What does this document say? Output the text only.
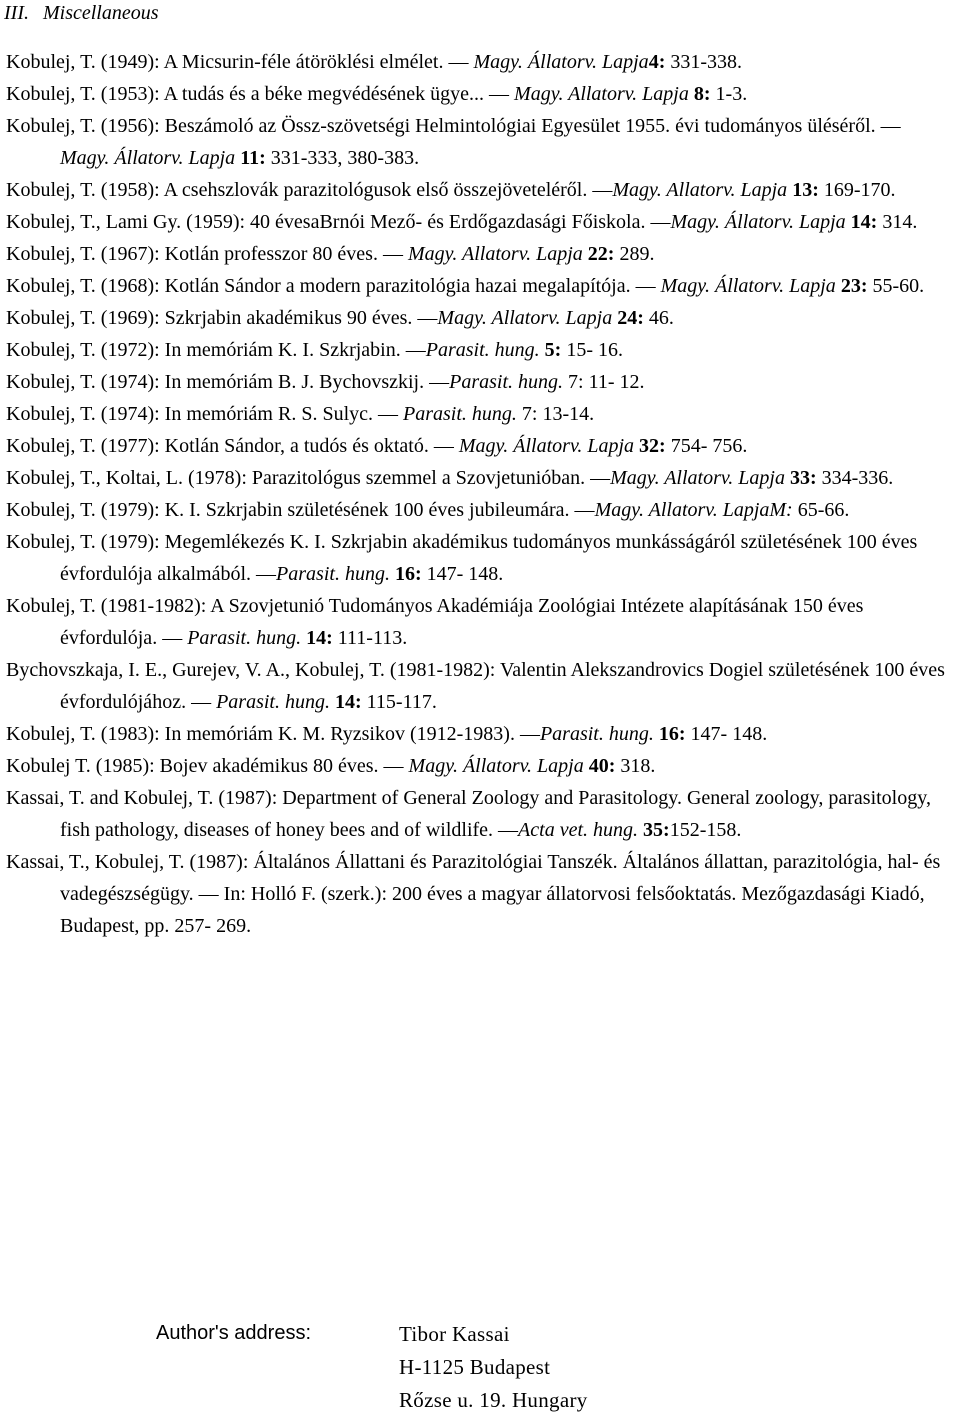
III. Miscellaneous

Kobulej, T. (1949): A Micsurin-féle átöröklési elmélet. — Magy. Állatorv. Lapja4: 331-338.

Kobulej, T. (1953): A tudás és a béke megvédésének ügye... — Magy. Allatorv. Lapja 8: 1-3.

Kobulej, T. (1956): Beszámoló az Össz-szövetségi Helmintológiai Egyesület 1955. évi tudományos üléséről. — Magy. Állatorv. Lapja 11: 331-333, 380-383.

Kobulej, T. (1958): A csehszlovák parazitológusok első összejöveteléről. —Magy. Allatorv. Lapja 13: 169-170.

Kobulej, T., Lami Gy. (1959): 40 évesaBrnói Mező- és Erdőgazdasági Főiskola. —Magy. Állatorv. Lapja 14: 314.

Kobulej, T. (1967): Kotlán professzor 80 éves. — Magy. Allatorv. Lapja 22: 289.

Kobulej, T. (1968): Kotlán Sándor a modern parazitológia hazai megalapítója. — Magy. Állatorv. Lapja 23: 55-60.

Kobulej, T. (1969): Szkrjabin akadémikus 90 éves. —Magy. Allatorv. Lapja 24: 46.

Kobulej, T. (1972): In memóriám K. I. Szkrjabin. —Parasit. hung. 5: 15- 16.

Kobulej, T. (1974): In memóriám B. J. Bychovszkij. —Parasit. hung. 7: 11- 12.

Kobulej, T. (1974): In memóriám R. S. Sulyc. — Parasit. hung. 7: 13-14.

Kobulej, T. (1977): Kotlán Sándor, a tudós és oktató. — Magy. Állatorv. Lapja 32: 754- 756.

Kobulej, T., Koltai, L. (1978): Parazitológus szemmel a Szovjetunióban. —Magy. Allatorv. Lapja 33: 334-336.

Kobulej, T. (1979): K. I. Szkrjabin születésének 100 éves jubileumára. —Magy. Allatorv. LapjaM: 65-66.

Kobulej, T. (1979): Megemlékezés K. I. Szkrjabin akadémikus tudományos munkásságáról születésének 100 éves évfordulója alkalmából. —Parasit. hung. 16: 147- 148.

Kobulej, T. (1981-1982): A Szovjetunió Tudományos Akadémiája Zoológiai Intézete alapításának 150 éves évfordulója. — Parasit. hung. 14: 111-113.

Bychovszkaja, I. E., Gurejev, V. A., Kobulej, T. (1981-1982): Valentin Alekszandrovics Dogiel születésének 100 éves évfordulójához. — Parasit. hung. 14: 115-117.

Kobulej, T. (1983): In memóriám K. M. Ryzsikov (1912-1983). —Parasit. hung. 16: 147- 148.

Kobulej T. (1985): Bojev akadémikus 80 éves. — Magy. Állatorv. Lapja 40: 318.

Kassai, T. and Kobulej, T. (1987): Department of General Zoology and Parasitology. General zoology, parasitology, fish pathology, diseases of honey bees and of wildlife. —Acta vet. hung. 35:152-158.

Kassai, T., Kobulej, T. (1987): Általános Állattani és Parazitológiai Tanszék. Általános állattan, parazitológia, hal- és vadegészségügy. — In: Holló F. (szerk.): 200 éves a magyar állatorvosi felsőoktatás. Mezőgazdasági Kiadó, Budapest, pp. 257- 269.

Author's address:	Tibor Kassai
H-1125 Budapest
Rőzse u. 19. Hungary
